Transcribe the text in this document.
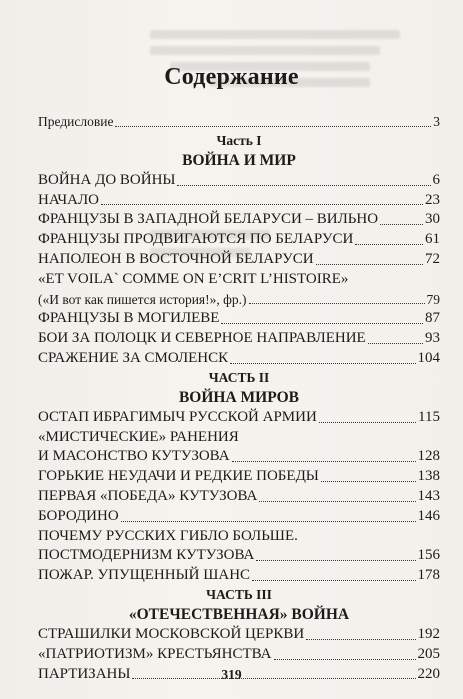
Содержание
Предисловие	3
Часть I
ВОЙНА И МИР
ВОЙНА ДО ВОЙНЫ	6
НАЧАЛО	23
ФРАНЦУЗЫ В ЗАПАДНОЙ БЕЛАРУСИ – ВИЛЬНО	30
ФРАНЦУЗЫ ПРОДВИГАЮТСЯ ПО БЕЛАРУСИ	61
НАПОЛЕОН В ВОСТОЧНОЙ БЕЛАРУСИ	72
«ET VOILA` COMME ON E’CRIT L’HISTOIRE»
(«И вот как пишется история!», фр.)	79
ФРАНЦУЗЫ В МОГИЛЕВЕ	87
БОИ ЗА ПОЛОЦК И СЕВЕРНОЕ НАПРАВЛЕНИЕ	93
СРАЖЕНИЕ ЗА СМОЛЕНСК	104
ЧАСТЬ II
ВОЙНА МИРОВ
ОСТАП ИБРАГИМЫЧ РУССКОЙ АРМИИ	115
«МИСТИЧЕСКИЕ» РАНЕНИЯ
И МАСОНСТВО КУТУЗОВА	128
ГОРЬКИЕ НЕУДАЧИ И РЕДКИЕ ПОБЕДЫ	138
ПЕРВАЯ «ПОБЕДА» КУТУЗОВА	143
БОРОДИНО	146
ПОЧЕМУ РУССКИХ ГИБЛО БОЛЬШЕ.
ПОСТМОДЕРНИЗМ КУТУЗОВА	156
ПОЖАР. УПУЩЕННЫЙ ШАНС	178
ЧАСТЬ III
«ОТЕЧЕСТВЕННАЯ» ВОЙНА
СТРАШИЛКИ МОСКОВСКОЙ ЦЕРКВИ	192
«ПАТРИОТИЗМ» КРЕСТЬЯНСТВА	205
ПАРТИЗАНЫ	220
319
